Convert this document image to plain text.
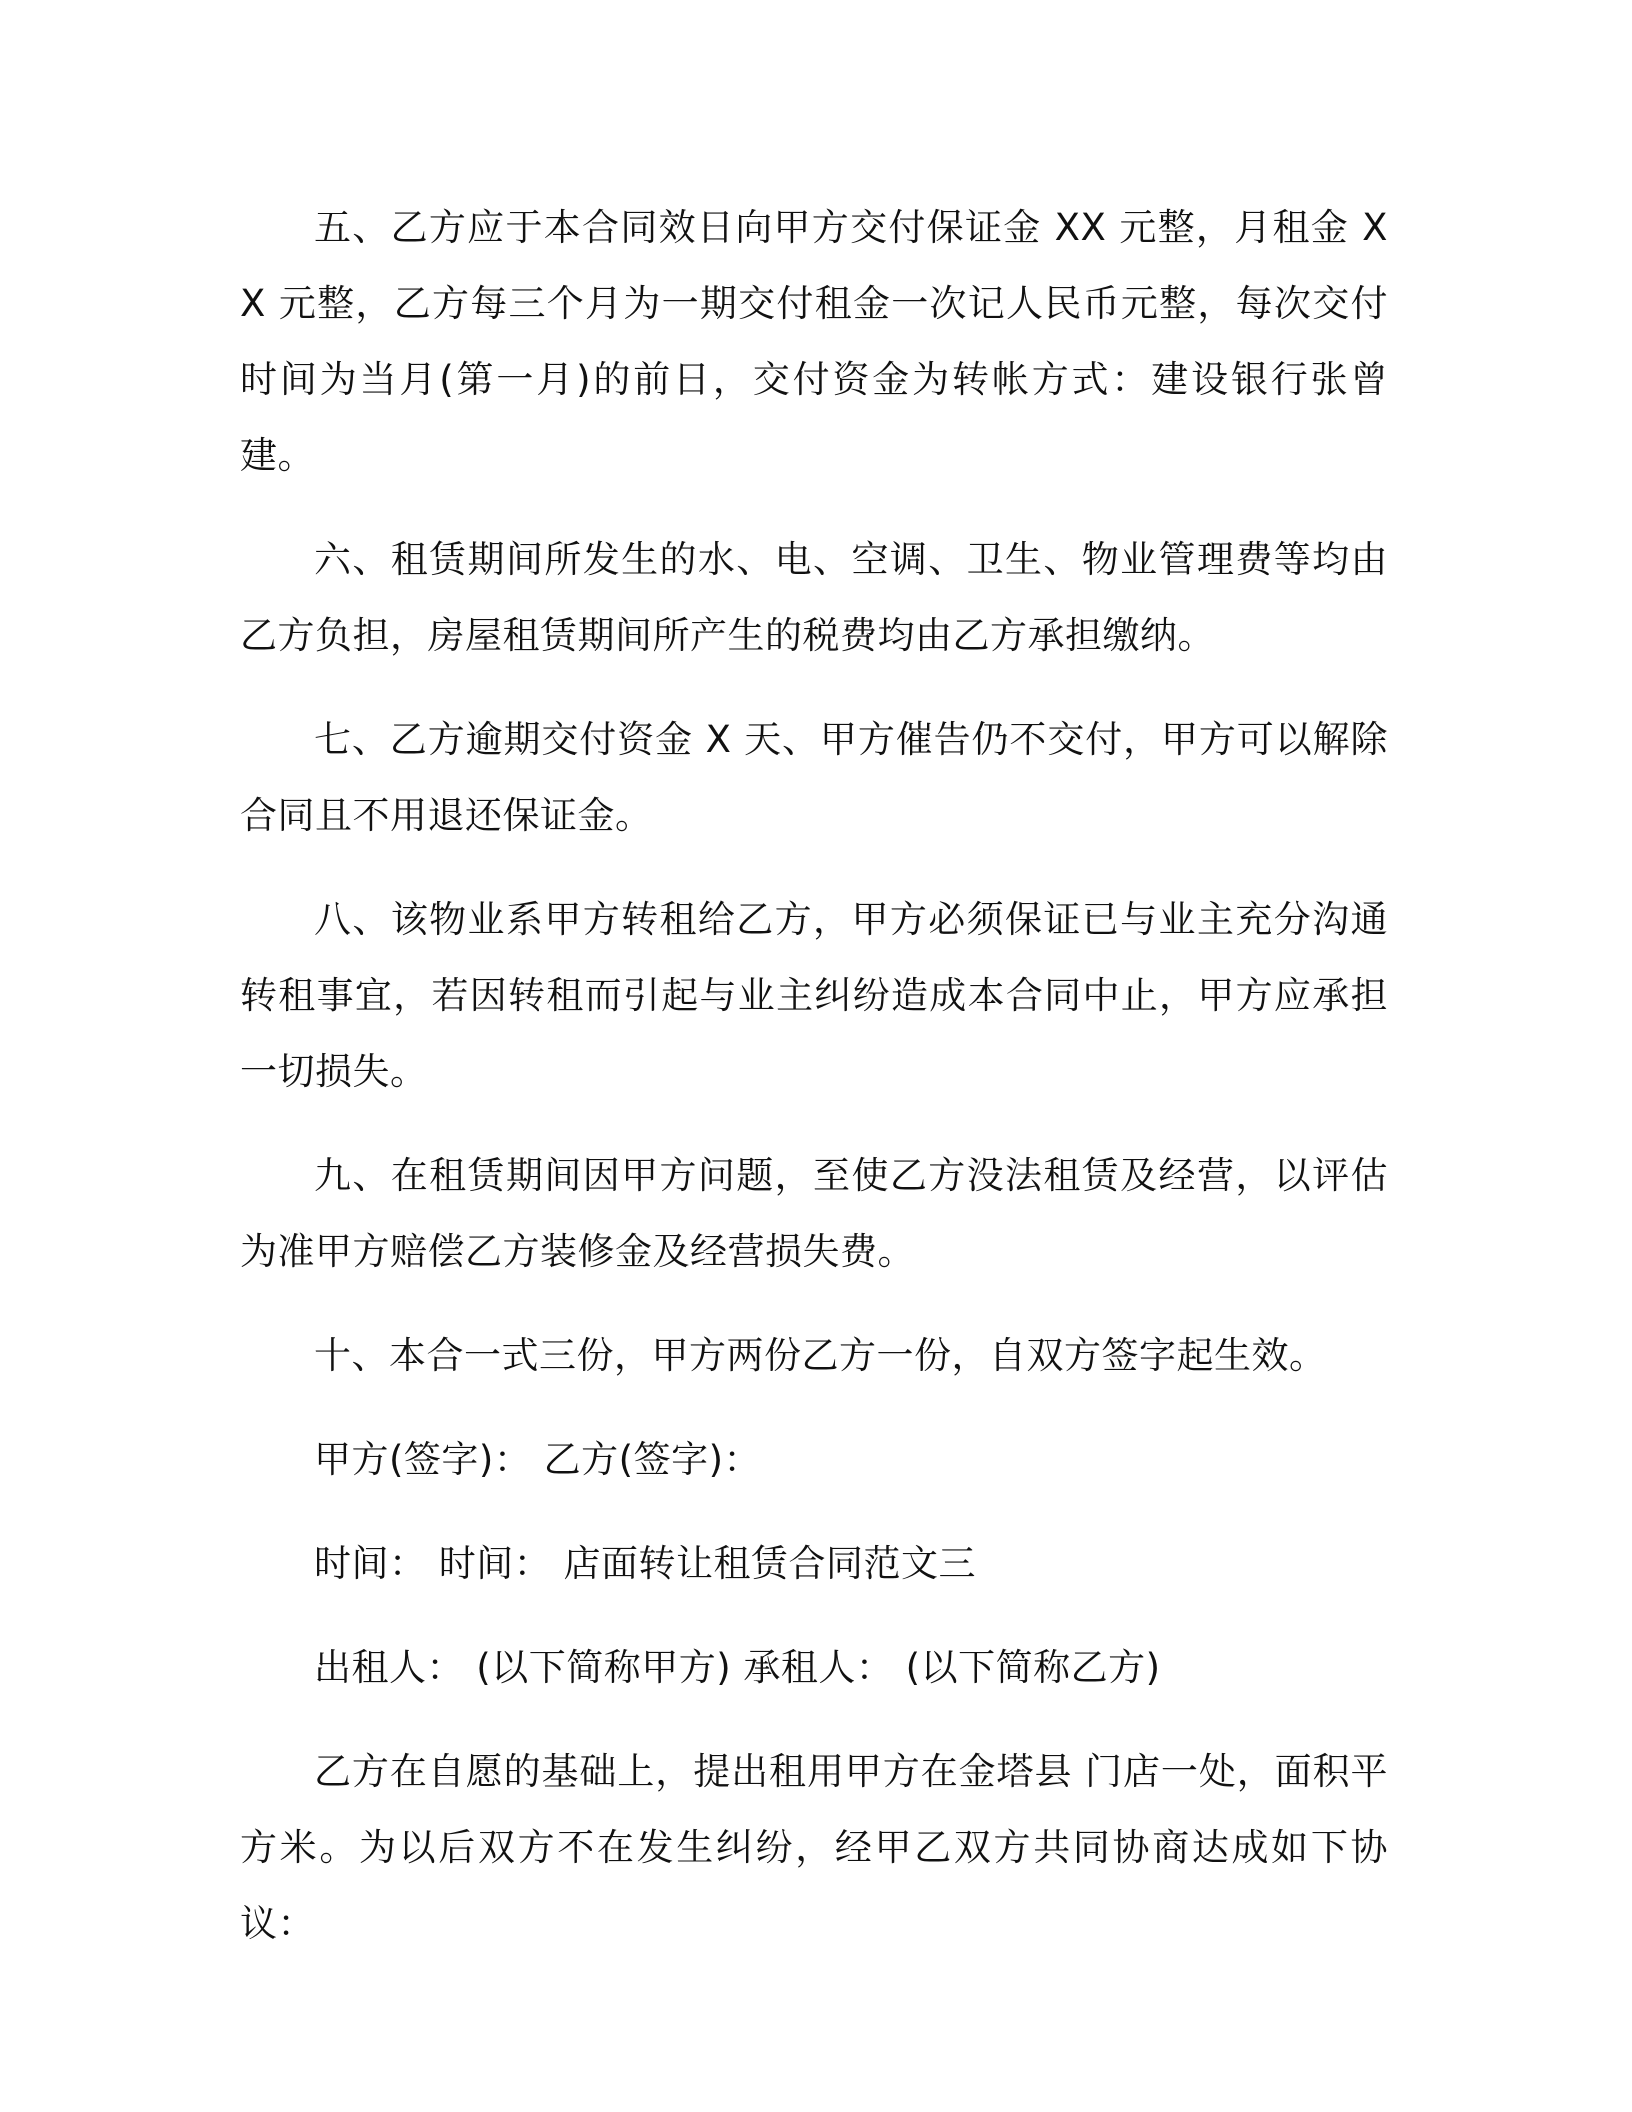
五、乙方应于本合同效日向甲方交付保证金 XX 元整，月租金 XX 元整，乙方每三个月为一期交付租金一次记人民币元整，每次交付时间为当月(第一月)的前日，交付资金为转帐方式：建设银行张曾建。

六、租赁期间所发生的水、电、空调、卫生、物业管理费等均由乙方负担，房屋租赁期间所产生的税费均由乙方承担缴纳。

七、乙方逾期交付资金 X 天、甲方催告仍不交付，甲方可以解除合同且不用退还保证金。

八、该物业系甲方转租给乙方，甲方必须保证已与业主充分沟通转租事宜，若因转租而引起与业主纠纷造成本合同中止，甲方应承担一切损失。

九、在租赁期间因甲方问题，至使乙方没法租赁及经营，以评估为准甲方赔偿乙方装修金及经营损失费。

十、本合一式三份，甲方两份乙方一份，自双方签字起生效。

甲方(签字)： 乙方(签字)：

时间： 时间： 店面转让租赁合同范文三

出租人： (以下简称甲方) 承租人： (以下简称乙方)

乙方在自愿的基础上，提出租用甲方在金塔县 门店一处，面积平方米。为以后双方不在发生纠纷，经甲乙双方共同协商达成如下协议：
